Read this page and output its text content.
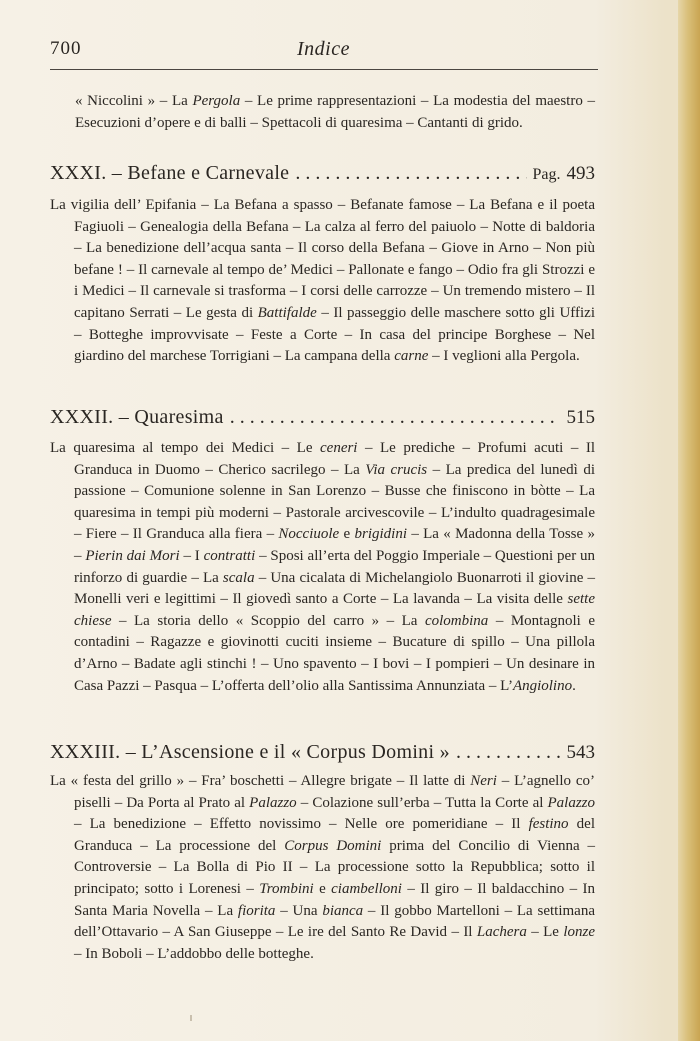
700	Indice

« Niccolini » – La Pergola – Le prime rappresentazioni – La modestia del maestro – Esecuzioni d’opere e di balli – Spettacoli di quaresima – Cantanti di grido.

XXXI. – Befane e Carnevale . . .	Pag. 493

La vigilia dell’ Epifania – La Befana a spasso – Befanate famose – La Befana e il poeta Fagiuoli – Genealogia della Befana – La calza al ferro del paiuolo – Notte di baldoria – La benedizione dell’acqua santa – Il corso della Befana – Giove in Arno – Non più befane ! – Il carnevale al tempo de’ Medici – Pallonate e fango – Odio fra gli Strozzi e i Medici – Il carnevale si trasforma – I corsi delle carrozze – Un tremendo mistero – Il capitano Serrati – Le gesta di Battifalde – Il passeggio delle maschere sotto gli Uffizi – Botteghe improvvisate – Feste a Corte – In casa del principe Borghese – Nel giardino del marchese Torrigiani – La campana della carne – I veglioni alla Pergola.

XXXII. – Quaresima . . .	515

La quaresima al tempo dei Medici – Le ceneri – Le prediche – Profumi acuti – Il Granduca in Duomo – Cherico sacrilego – La Via crucis – La predica del lunedì di passione – Comunione solenne in San Lorenzo – Busse che finiscono in bòtte – La quaresima in tempi più moderni – Pastorale arcivescovile – L’indulto quadragesimale – Fiere – Il Granduca alla fiera – Nocciuole e brigidini – La « Madonna della Tosse » – Pierin dai Mori – I contratti – Sposi all’erta del Poggio Imperiale – Questioni per un rinforzo di guardie – La scala – Una cicalata di Michelangiolo Buonarroti il giovine – Monelli veri e legittimi – Il giovedì santo a Corte – La lavanda – La visita delle sette chiese – La storia dello « Scoppio del carro » – La colombina – Montagnoli e contadini – Ragazze e giovinotti cuciti insieme – Bucature di spillo – Una pillola d’Arno – Badate agli stinchi ! – Uno spavento – I bovi – I pompieri – Un desinare in Casa Pazzi – Pasqua – L’offerta dell’olio alla Santissima Annunziata – L’Angiolino.

XXXIII. – L’Ascensione e il « Corpus Domini » . . .	543

La « festa del grillo » – Fra’ boschetti – Allegre brigate – Il latte di Neri – L’agnello co’ piselli – Da Porta al Prato al Palazzo – Colazione sull’erba – Tutta la Corte al Palazzo – La benedizione – Effetto novissimo – Nelle ore pomeridiane – Il festino del Granduca – La processione del Corpus Domini prima del Concilio di Vienna – Controversie – La Bolla di Pio II – La processione sotto la Repubblica; sotto il principato; sotto i Lorenesi – Trombini e ciambelloni – Il giro – Il baldacchino – In Santa Maria Novella – La fiorita – Una bianca – Il gobbo Martelloni – La settimana dell’Ottavario – A San Giuseppe – Le ire del Santo Re David – Il Lachera – Le lonze – In Boboli – L’addobbo delle botteghe.
